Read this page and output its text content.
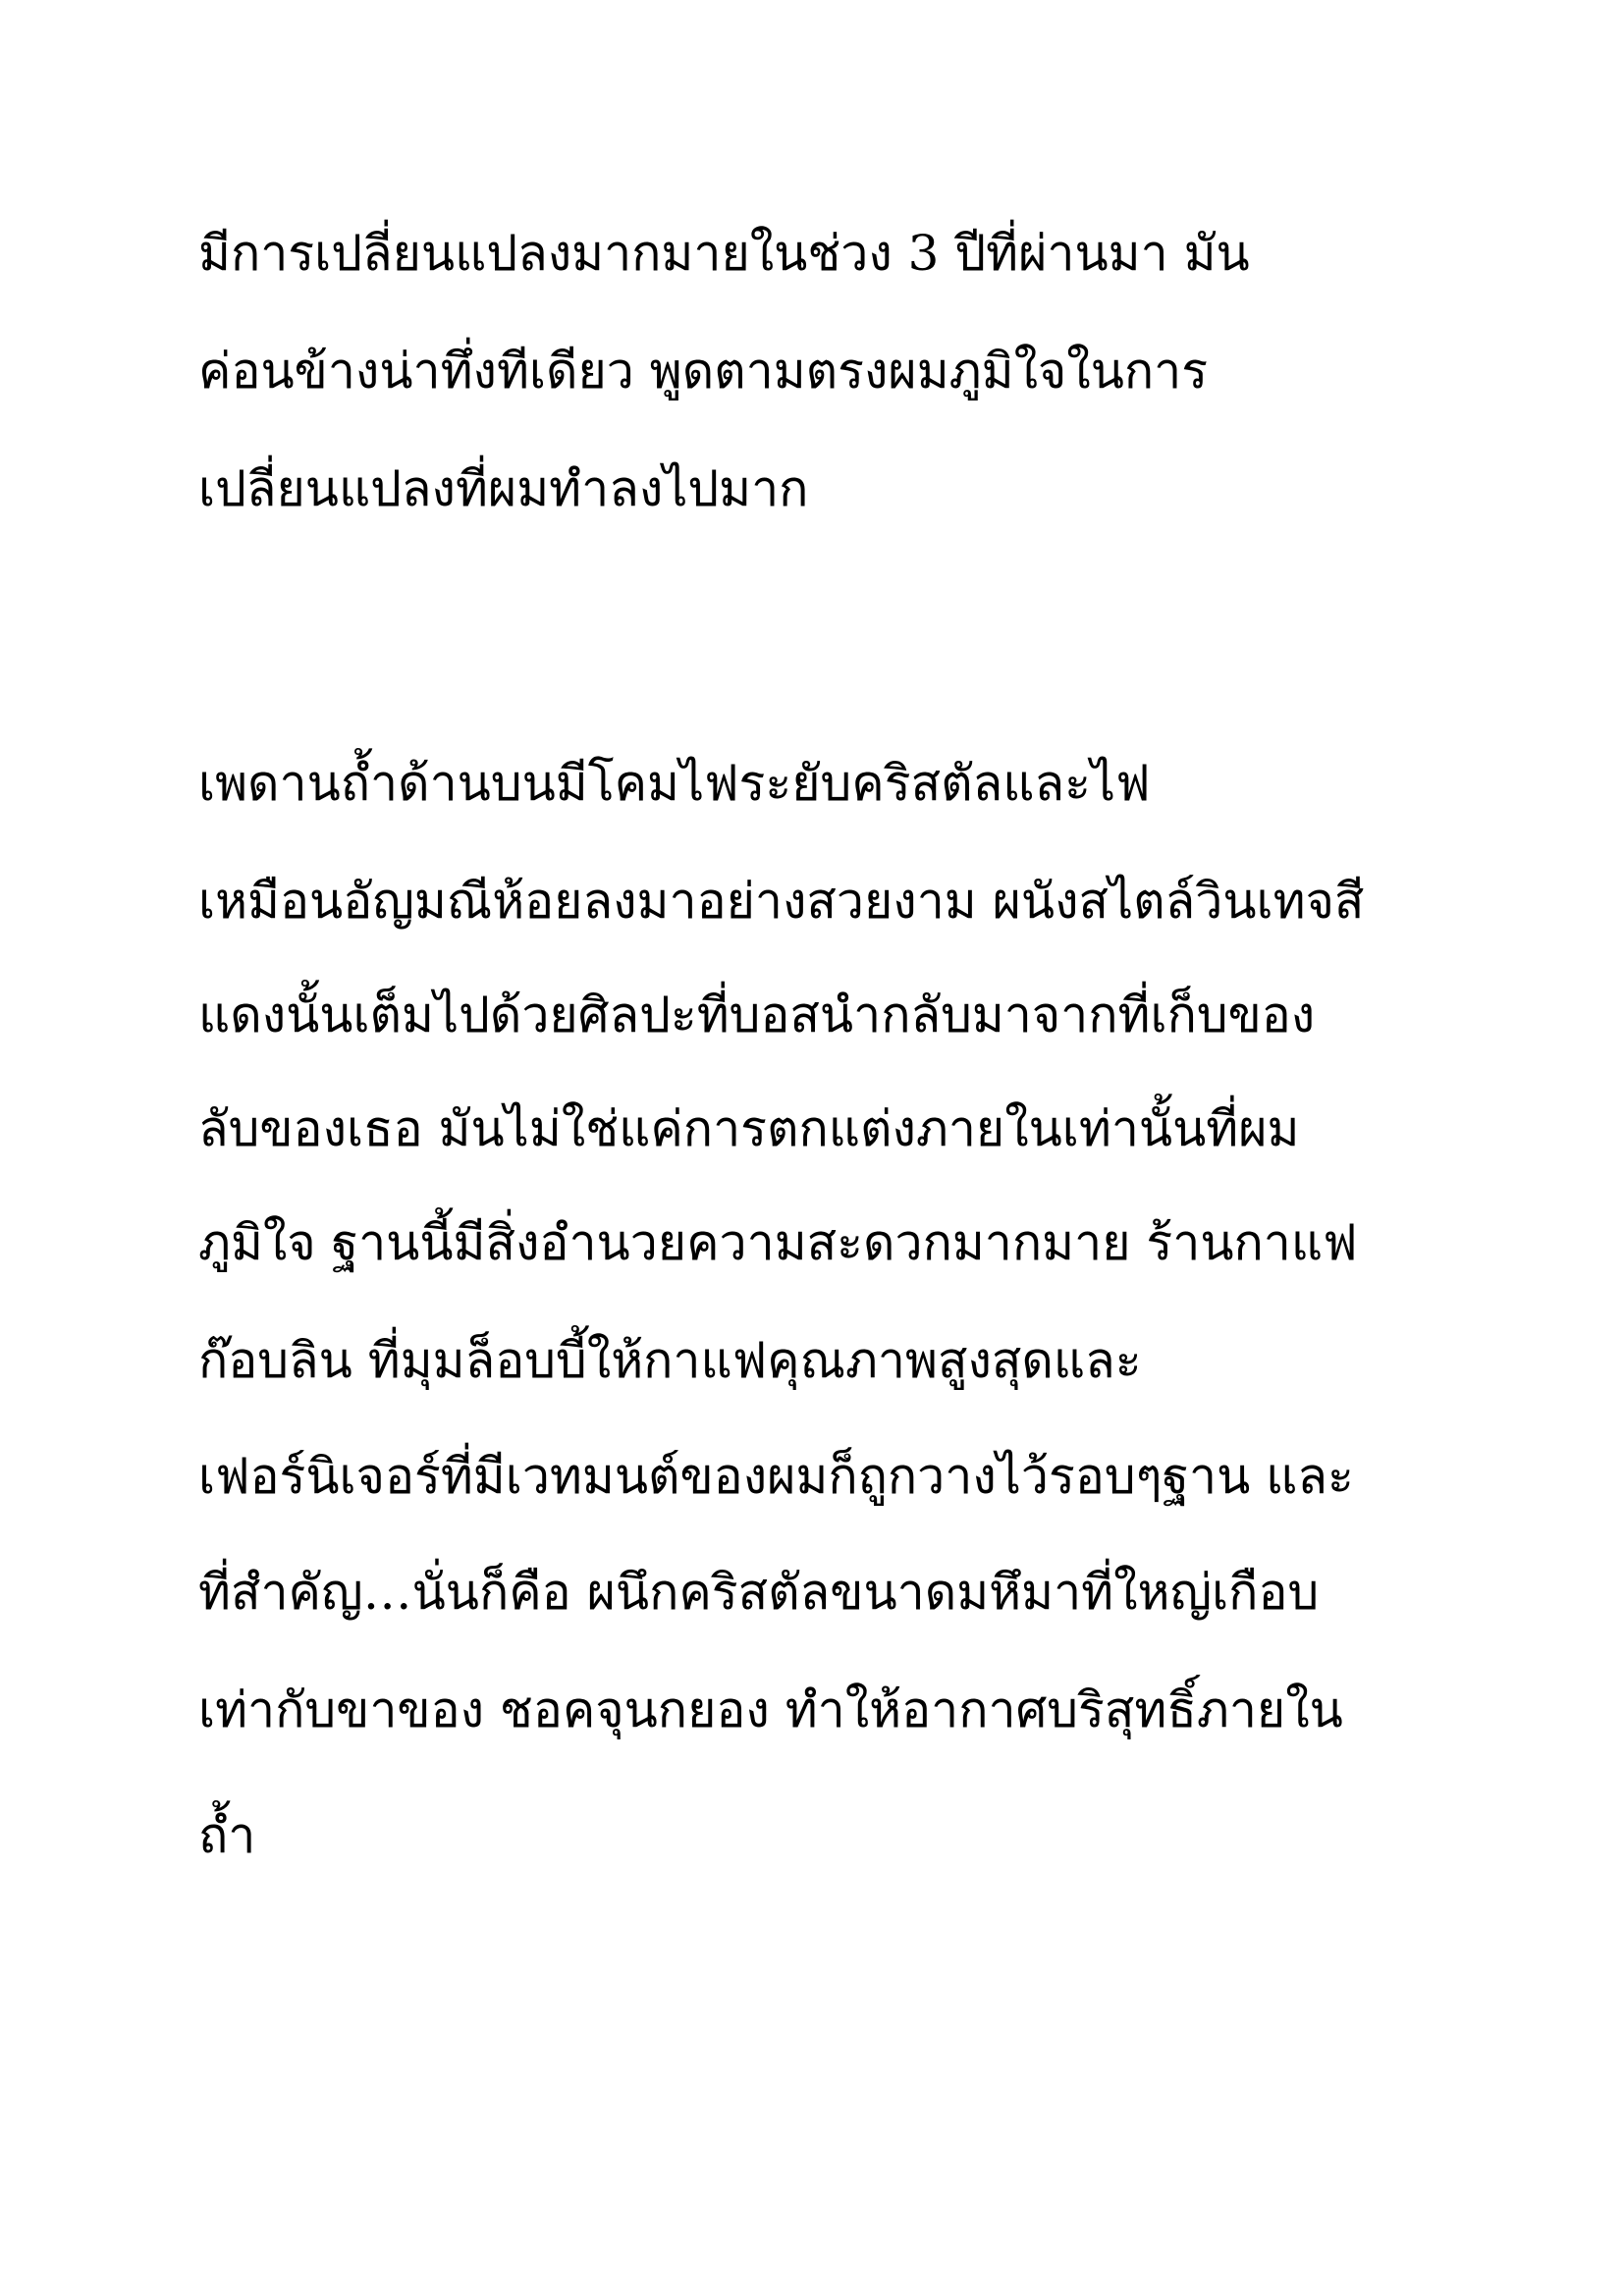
มีการเปลี่ยนแปลงมากมายในช่วง 3 ปีที่ผ่านมา มัน
ค่อนข้างน่าทึ่งทีเดียว พูดตามตรงผมภูมิใจในการ
เปลี่ยนแปลงที่ผมทำลงไปมาก
เพดานถ้ำด้านบนมีโคมไฟระยับคริสตัลและไฟ
เหมือนอัญมณีห้อยลงมาอย่างสวยงาม ผนังสไตล์วินเทจสี
แดงนั้นเต็มไปด้วยศิลปะที่บอสนำกลับมาจากที่เก็บของ
ลับของเธอ มันไม่ใช่แค่การตกแต่งภายในเท่านั้นที่ผม
ภูมิใจ ฐานนี้มีสิ่งอำนวยความสะดวกมากมาย ร้านกาแฟ
ก๊อบลิน ที่มุมล็อบบี้ให้กาแฟคุณภาพสูงสุดและ
เฟอร์นิเจอร์ที่มีเวทมนต์ของผมก็ถูกวางไว้รอบๆฐาน และ
ที่สำคัญ…นั่นก็คือ ผนึกคริสตัลขนาดมหึมาที่ใหญ่เกือบ
เท่ากับขาของ ชอคจุนกยอง ทำให้อากาศบริสุทธิ์ภายใน
ถ้ำ
